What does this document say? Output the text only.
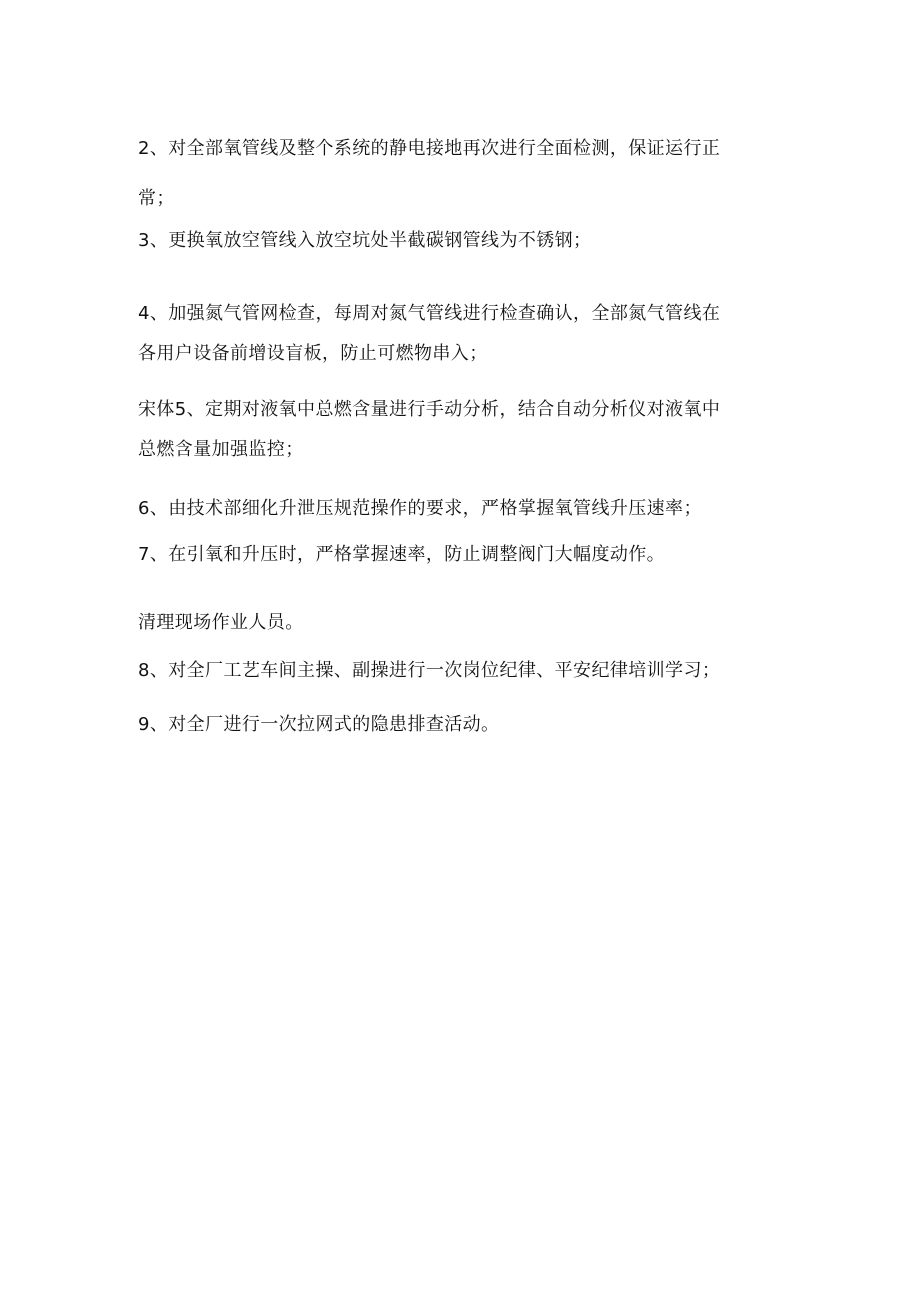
2、对全部氧管线及整个系统的静电接地再次进行全面检测，保证运行正
常；

3、更换氧放空管线入放空坑处半截碳钢管线为不锈钢；

4、加强氮气管网检查，每周对氮气管线进行检查确认，全部氮气管线在
各用户设备前增设盲板，防止可燃物串入；

宋体5、定期对液氧中总燃含量进行手动分析，结合自动分析仪对液氧中
总燃含量加强监控；

6、由技术部细化升泄压规范操作的要求，严格掌握氧管线升压速率；

7、在引氧和升压时，严格掌握速率，防止调整阀门大幅度动作。

清理现场作业人员。

8、对全厂工艺车间主操、副操进行一次岗位纪律、平安纪律培训学习；

9、对全厂进行一次拉网式的隐患排查活动。
